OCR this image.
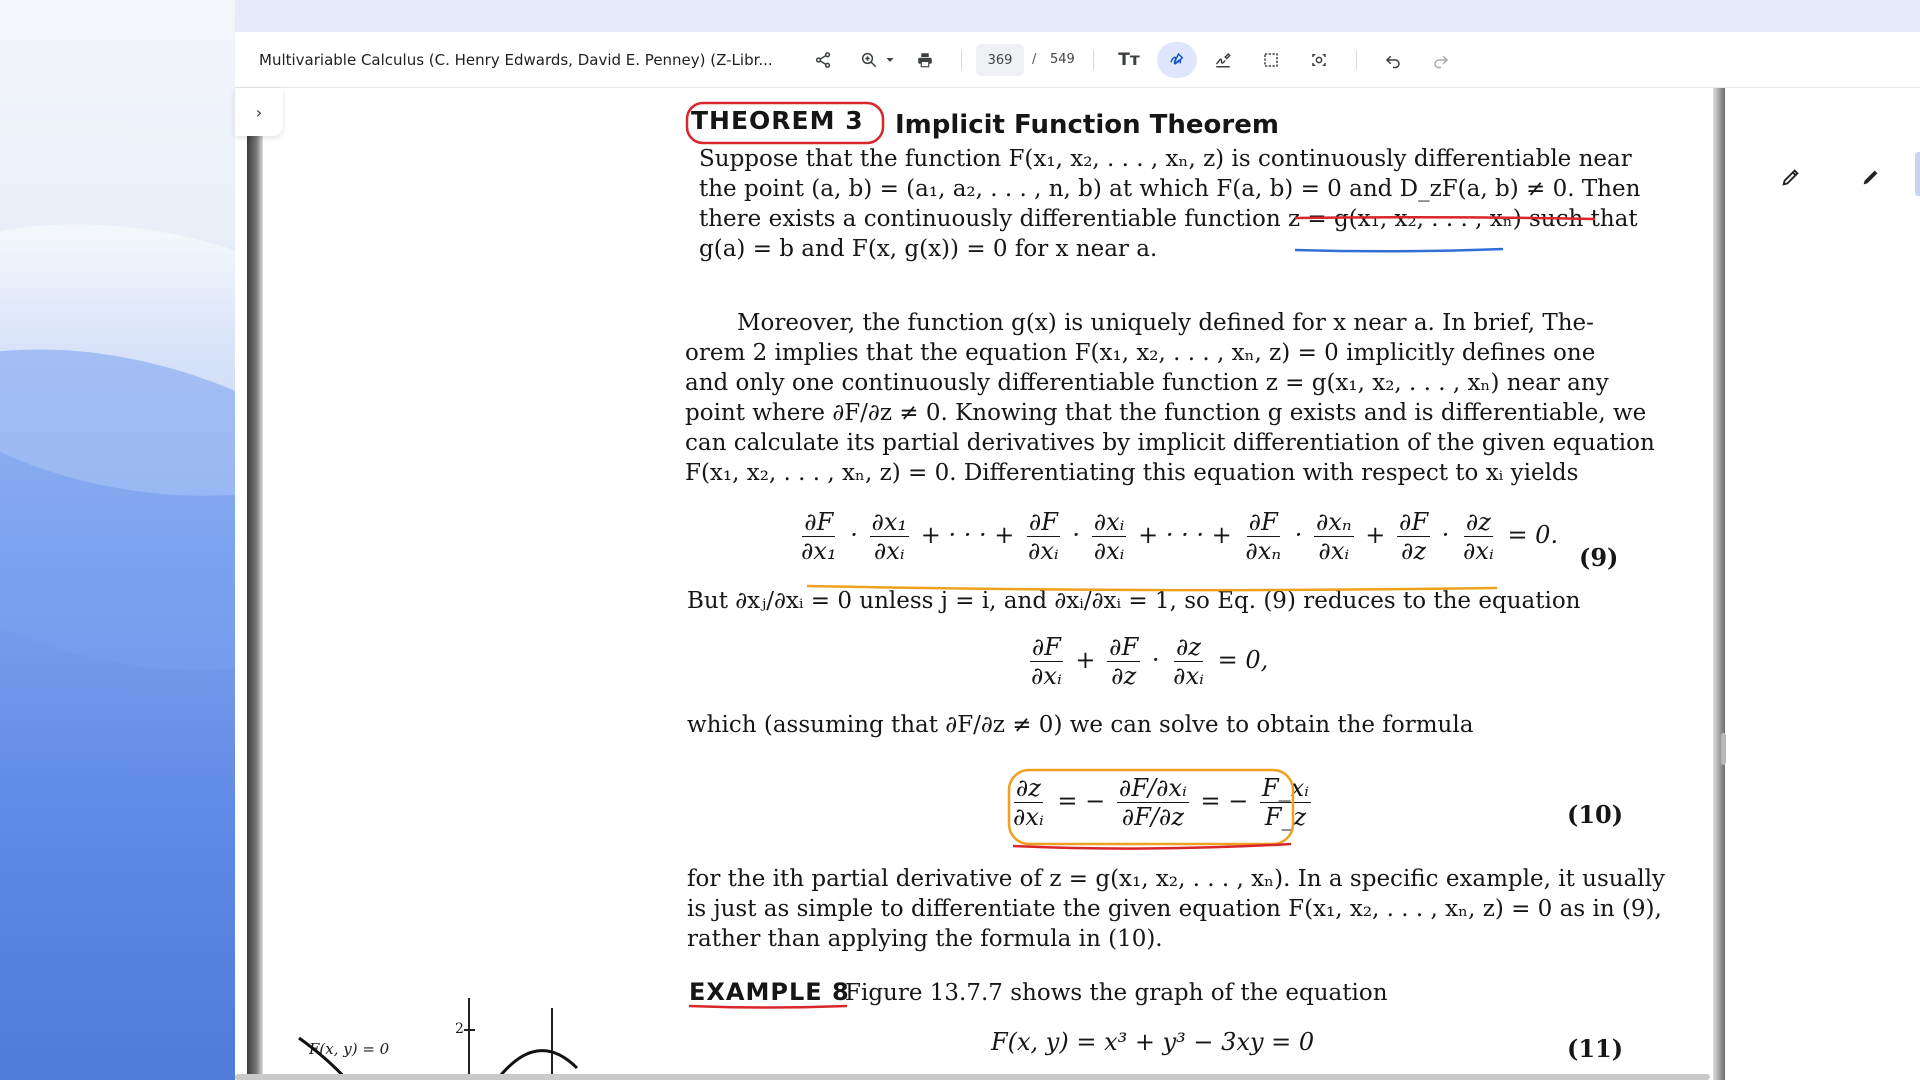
Multivariable Calculus (C. Henry Edwards, David E. Penney) (Z-Libr...	369	/ 549	Tт
›	THEOREM 3 Implicit Function Theorem
Suppose that the function F(x₁, x₂, . . . , xₙ, z) is continuously differentiable near
the point (a, b) = (a₁, a₂, . . . , n, b) at which F(a, b) = 0 and D_zF(a, b) ≠ 0. Then
there exists a continuously differentiable function z = g(x₁, x₂, . . . , xₙ) such that
g(a) = b and F(x, g(x)) = 0 for x near a.
Moreover, the function g(x) is uniquely defined for x near a. In brief, The-
orem 2 implies that the equation F(x₁, x₂, . . . , xₙ, z) = 0 implicitly defines one
and only one continuously differentiable function z = g(x₁, x₂, . . . , xₙ) near any
point where ∂F/∂z ≠ 0. Knowing that the function g exists and is differentiable, we
can calculate its partial derivatives by implicit differentiation of the given equation
F(x₁, x₂, . . . , xₙ, z) = 0. Differentiating this equation with respect to xᵢ yields
$\frac{\partial F}{\text{∂x₁}} \cdot \frac{\text{∂x₁}}{\text{∂xᵢ}}$ + · · · + $\frac{\partial F}{\text{∂xᵢ}} \cdot \frac{\text{∂xᵢ}}{\text{∂xᵢ}}$ + · · · + $\frac{\partial F}{\text{∂xₙ}} \cdot \frac{\text{∂xₙ}}{\text{∂xᵢ}} + \frac{\partial F}{\partial z} \cdot \frac{\partial z}{\text{∂xᵢ}} = 0$.
(9)
But ∂xⱼ/∂xᵢ = 0 unless j = i, and ∂xᵢ/∂xᵢ = 1, so Eq. (9) reduces to the equation
$\frac{\partial F}{\text{∂xᵢ}} + \frac{\partial F}{\partial z} \cdot \frac{\partial z}{\text{∂xᵢ}} = 0$,
which (assuming that ∂F/∂z ≠ 0) we can solve to obtain the formula
$\frac{\partial z}{\text{∂xᵢ}}$ = − $\frac{\text{∂F/∂xᵢ}}{\partial F/\partial z}$ = − $\frac{\text{F\_xᵢ}}{F\_z}$	(10)
for the ith partial derivative of z = g(x₁, x₂, . . . , xₙ). In a specific example, it usually
is just as simple to differentiate the given equation F(x₁, x₂, . . . , xₙ, z) = 0 as in (9),
rather than applying the formula in (10).
EXAMPLE 8
Figure 13.7.7 shows the graph of the equation
F(x, y) = x³ + y³ − 3xy = 0	(11)
F(x, y) = 0
2
